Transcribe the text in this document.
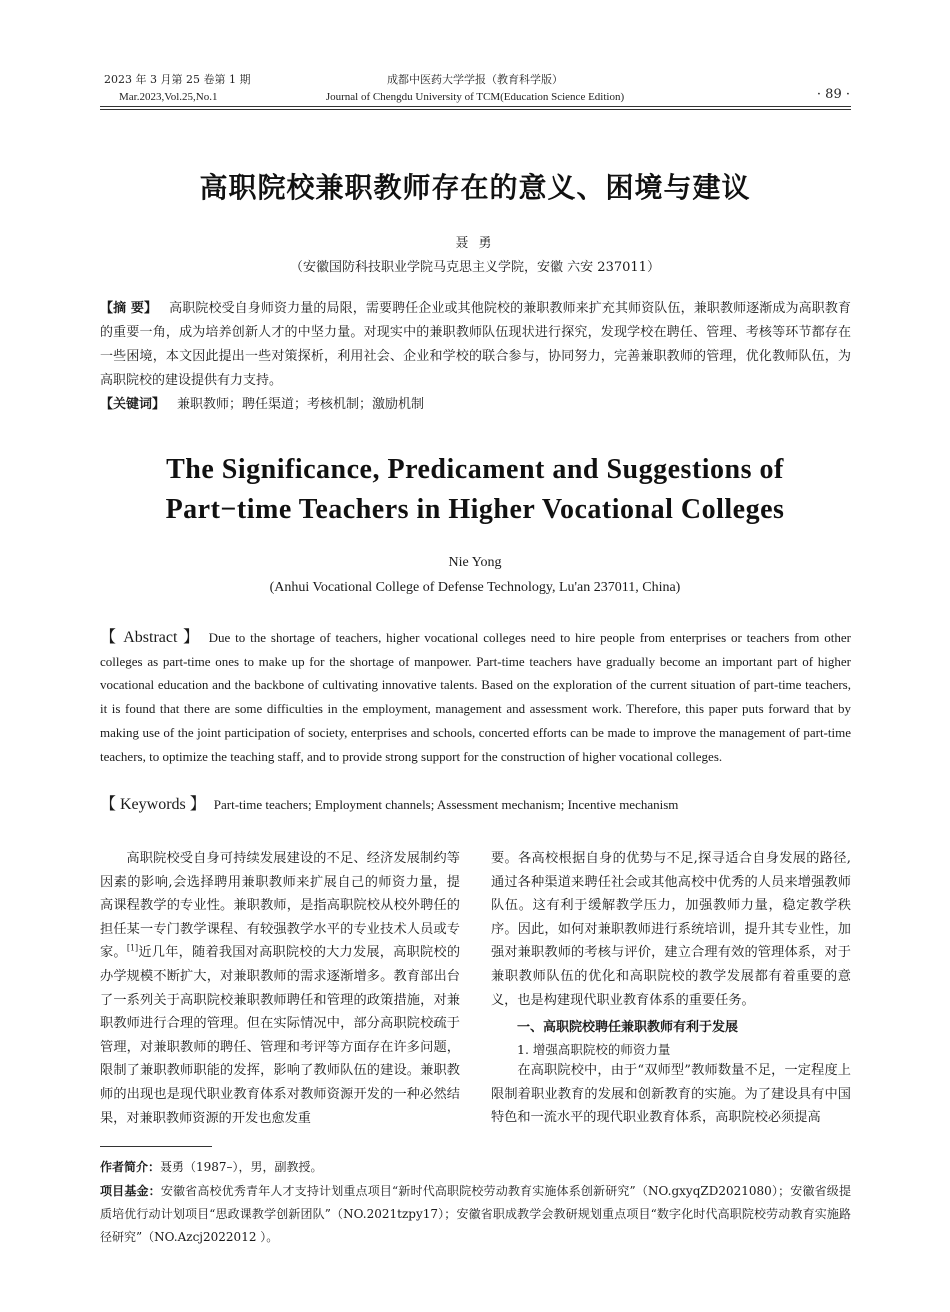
2023 年 3 月第 25 卷第 1 期
Mar.2023,Vol.25,No.1
成都中医药大学学报（教育科学版）
Journal of Chengdu University of TCM(Education Science Edition)	· 89 ·
高职院校兼职教师存在的意义、困境与建议
聂 勇
（安徽国防科技职业学院马克思主义学院，安徽 六安 237011）
【摘 要】 高职院校受自身师资力量的局限，需要聘任企业或其他院校的兼职教师来扩充其师资队伍，兼职教师逐渐成为高职教育的重要一角，成为培养创新人才的中坚力量。对现实中的兼职教师队伍现状进行探究，发现学校在聘任、管理、考核等环节都存在一些困境，本文因此提出一些对策探析，利用社会、企业和学校的联合参与，协同努力，完善兼职教师的管理，优化教师队伍，为高职院校的建设提供有力支持。
【关键词】 兼职教师；聘任渠道；考核机制；激励机制
The Significance, Predicament and Suggestions of
Part−time Teachers in Higher Vocational Colleges
Nie Yong
(Anhui Vocational College of Defense Technology, Lu'an 237011, China)
【 Abstract 】 Due to the shortage of teachers, higher vocational colleges need to hire people from enterprises or teachers from other colleges as part-time ones to make up for the shortage of manpower. Part-time teachers have gradually become an important part of higher vocational education and the backbone of cultivating innovative talents. Based on the exploration of the current situation of part-time teachers, it is found that there are some difficulties in the employment, management and assessment work. Therefore, this paper puts forward that by making use of the joint participation of society, enterprises and schools, concerted efforts can be made to improve the management of part-time teachers, to optimize the teaching staff, and to provide strong support for the construction of higher vocational colleges.
【 Keywords 】 Part-time teachers; Employment channels; Assessment mechanism; Incentive mechanism
高职院校受自身可持续发展建设的不足、经济发展制约等因素的影响,会选择聘用兼职教师来扩展自己的师资力量，提高课程教学的专业性。兼职教师，是指高职院校从校外聘任的担任某一专门教学课程、有较强教学水平的专业技术人员或专家。[1]近几年，随着我国对高职院校的大力发展，高职院校的办学规模不断扩大，对兼职教师的需求逐渐增多。教育部出台了一系列关于高职院校兼职教师聘任和管理的政策措施，对兼职教师进行合理的管理。但在实际情况中，部分高职院校疏于管理，对兼职教师的聘任、管理和考评等方面存在许多问题，限制了兼职教师职能的发挥，影响了教师队伍的建设。兼职教师的出现也是现代职业教育体系对教师资源开发的一种必然结果，对兼职教师资源的开发也愈发重
要。各高校根据自身的优势与不足,探寻适合自身发展的路径,通过各种渠道来聘任社会或其他高校中优秀的人员来增强教师队伍。这有利于缓解教学压力，加强教师力量，稳定教学秩序。因此，如何对兼职教师进行系统培训，提升其专业性，加强对兼职教师的考核与评价，建立合理有效的管理体系，对于兼职教师队伍的优化和高职院校的教学发展都有着重要的意义，也是构建现代职业教育体系的重要任务。
一、高职院校聘任兼职教师有利于发展
1. 增强高职院校的师资力量
在高职院校中，由于“双师型”教师数量不足，一定程度上限制着职业教育的发展和创新教育的实施。为了建设具有中国特色和一流水平的现代职业教育体系，高职院校必须提高
作者简介：聂勇（1987–），男，副教授。
项目基金：安徽省高校优秀青年人才支持计划重点项目“新时代高职院校劳动教育实施体系创新研究”（NO.gxyqZD2021080）；安徽省级提质培优行动计划项目“思政课教学创新团队”（NO.2021tzpy17）；安徽省职成教学会教研规划重点项目“数字化时代高职院校劳动教育实施路径研究”（NO.Azcj2022012 ）。
